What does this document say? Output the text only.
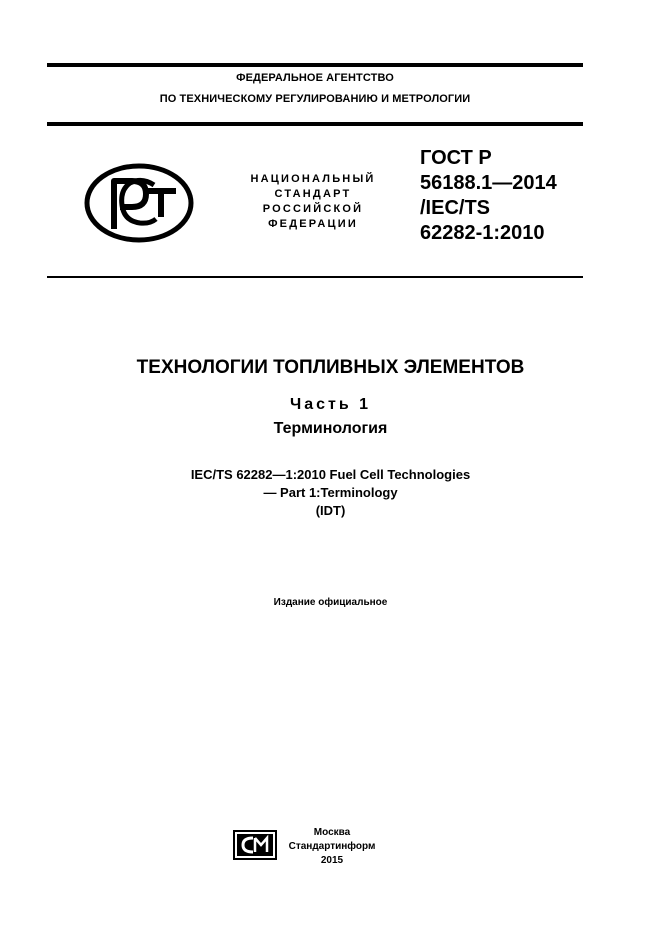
ФЕДЕРАЛЬНОЕ АГЕНТСТВО
ПО ТЕХНИЧЕСКОМУ РЕГУЛИРОВАНИЮ И МЕТРОЛОГИИ
НАЦИОНАЛЬНЫЙ
СТАНДАРТ
РОССИЙСКОЙ
ФЕДЕРАЦИИ
ГОСТ Р
56188.1—2014
/IEC/TS
62282-1:2010
ТЕХНОЛОГИИ ТОПЛИВНЫХ ЭЛЕМЕНТОВ
Часть 1
Терминология
IEC/TS 62282—1:2010 Fuel Cell Technologies
— Part 1:Terminology
(IDT)
Издание официальное
Москва
Стандартинформ
2015
